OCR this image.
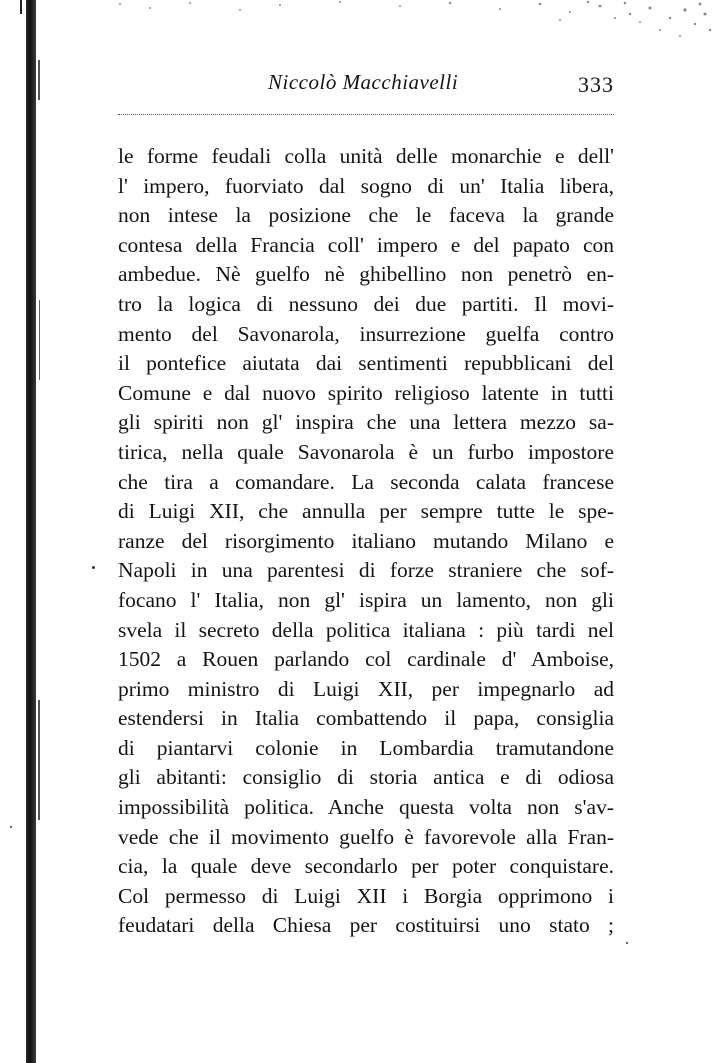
Niccolò Macchiavelli	333
le forme feudali colla unità delle monarchie e dell'
l' impero, fuorviato dal sogno di un' Italia libera,
non intese la posizione che le faceva la grande
contesa della Francia coll' impero e del papato con
ambedue. Nè guelfo nè ghibellino non penetrò en-
tro la logica di nessuno dei due partiti. Il movi-
mento del Savonarola, insurrezione guelfa contro
il pontefice aiutata dai sentimenti repubblicani del
Comune e dal nuovo spirito religioso latente in tutti
gli spiriti non gl' inspira che una lettera mezzo sa-
tirica, nella quale Savonarola è un furbo impostore
che tira a comandare. La seconda calata francese
di Luigi XII, che annulla per sempre tutte le spe-
ranze del risorgimento italiano mutando Milano e
Napoli in una parentesi di forze straniere che sof-
focano l' Italia, non gl' ispira un lamento, non gli
svela il secreto della politica italiana : più tardi nel
1502 a Rouen parlando col cardinale d' Amboise,
primo ministro di Luigi XII, per impegnarlo ad
estendersi in Italia combattendo il papa, consiglia
di piantarvi colonie in Lombardia tramutandone
gli abitanti: consiglio di storia antica e di odiosa
impossibilità politica. Anche questa volta non s'av-
vede che il movimento guelfo è favorevole alla Fran-
cia, la quale deve secondarlo per poter conquistare.
Col permesso di Luigi XII i Borgia opprimono i
feudatari della Chiesa per costituirsi uno stato ;
